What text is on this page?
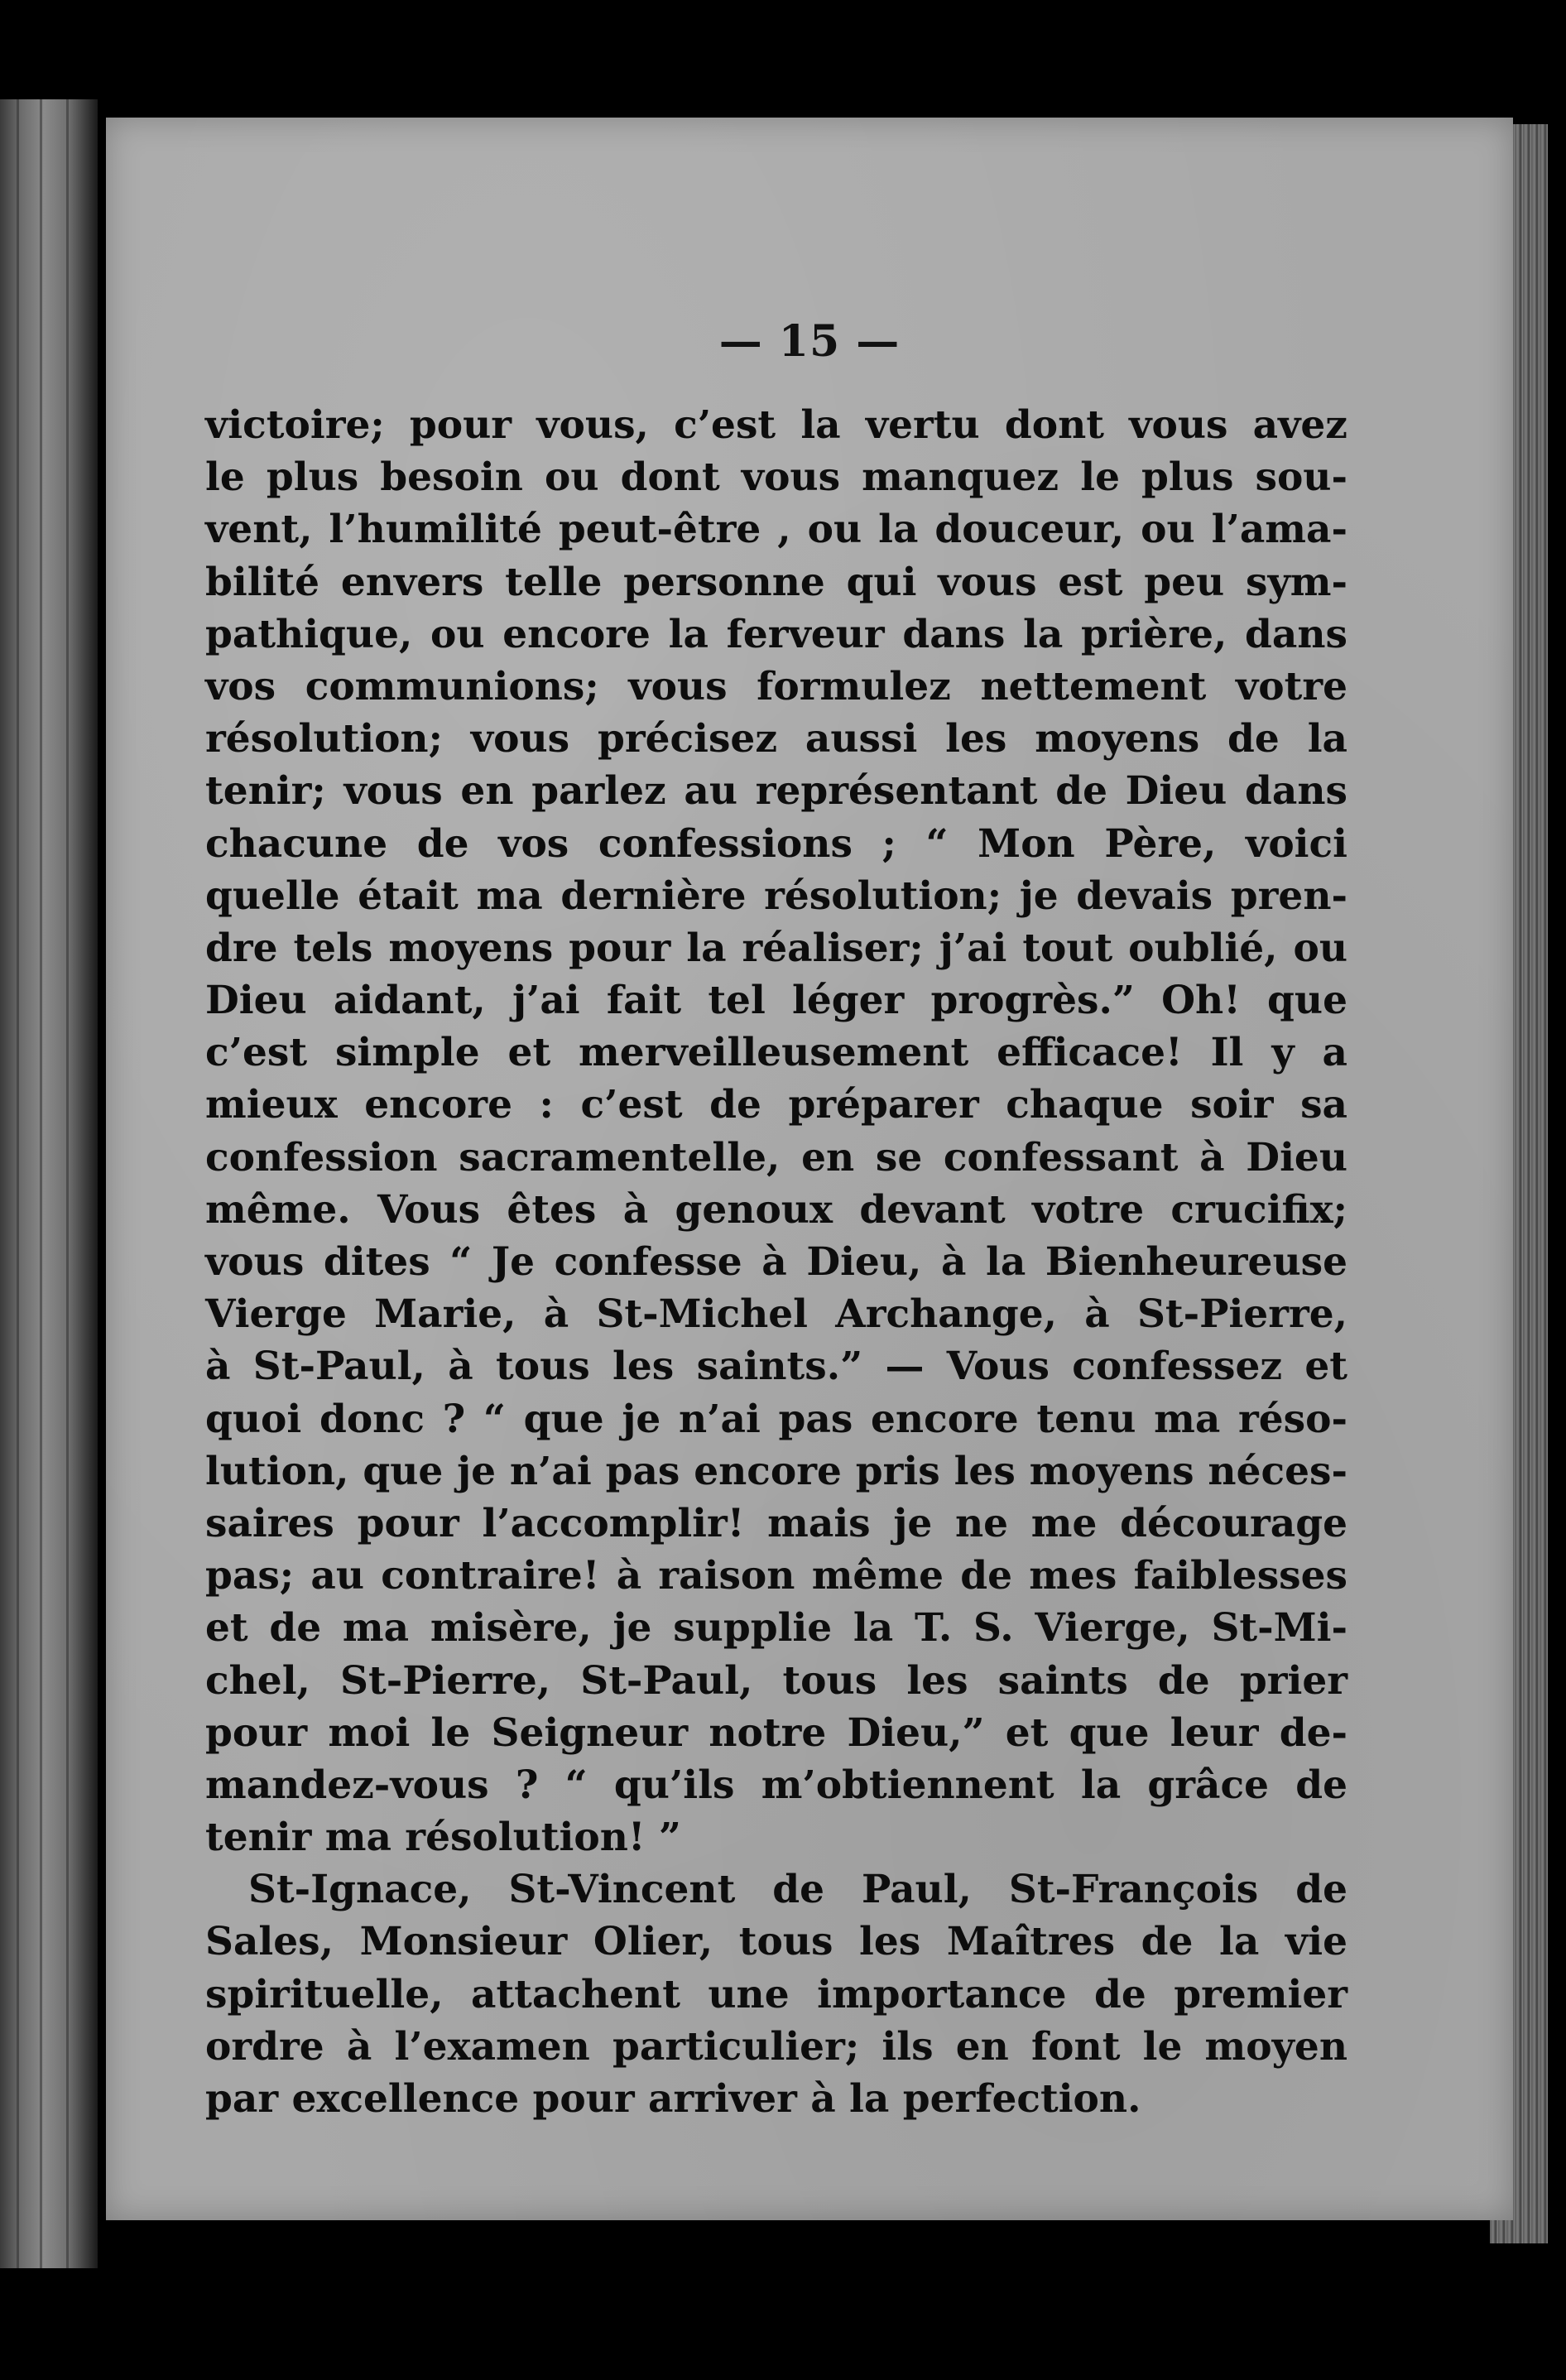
— 15 —
victoire; pour vous, c’est la vertu dont vous avez
le plus besoin ou dont vous manquez le plus sou-
vent, l’humilité peut-être , ou la douceur, ou l’ama-
bilité envers telle personne qui vous est peu sym-
pathique, ou encore la ferveur dans la prière, dans
vos communions; vous formulez nettement votre
résolution; vous précisez aussi les moyens de la
tenir; vous en parlez au représentant de Dieu dans
chacune de vos confessions ; “ Mon Père, voici
quelle était ma dernière résolution; je devais pren-
dre tels moyens pour la réaliser; j’ai tout oublié, ou
Dieu aidant, j’ai fait tel léger progrès.” Oh! que
c’est simple et merveilleusement efficace! Il y a
mieux encore : c’est de préparer chaque soir sa
confession sacramentelle, en se confessant à Dieu
même. Vous êtes à genoux devant votre crucifix;
vous dites “ Je confesse à Dieu, à la Bienheureuse
Vierge Marie, à St-Michel Archange, à St-Pierre,
à St-Paul, à tous les saints.” — Vous confessez et
quoi donc ? “ que je n’ai pas encore tenu ma réso-
lution, que je n’ai pas encore pris les moyens néces-
saires pour l’accomplir! mais je ne me décourage
pas; au contraire! à raison même de mes faiblesses
et de ma misère, je supplie la T. S. Vierge, St-Mi-
chel, St-Pierre, St-Paul, tous les saints de prier
pour moi le Seigneur notre Dieu,” et que leur de-
mandez-vous ? “ qu’ils m’obtiennent la grâce de
tenir ma résolution! ”
St-Ignace, St-Vincent de Paul, St-François de
Sales, Monsieur Olier, tous les Maîtres de la vie
spirituelle, attachent une importance de premier
ordre à l’examen particulier; ils en font le moyen
par excellence pour arriver à la perfection.
